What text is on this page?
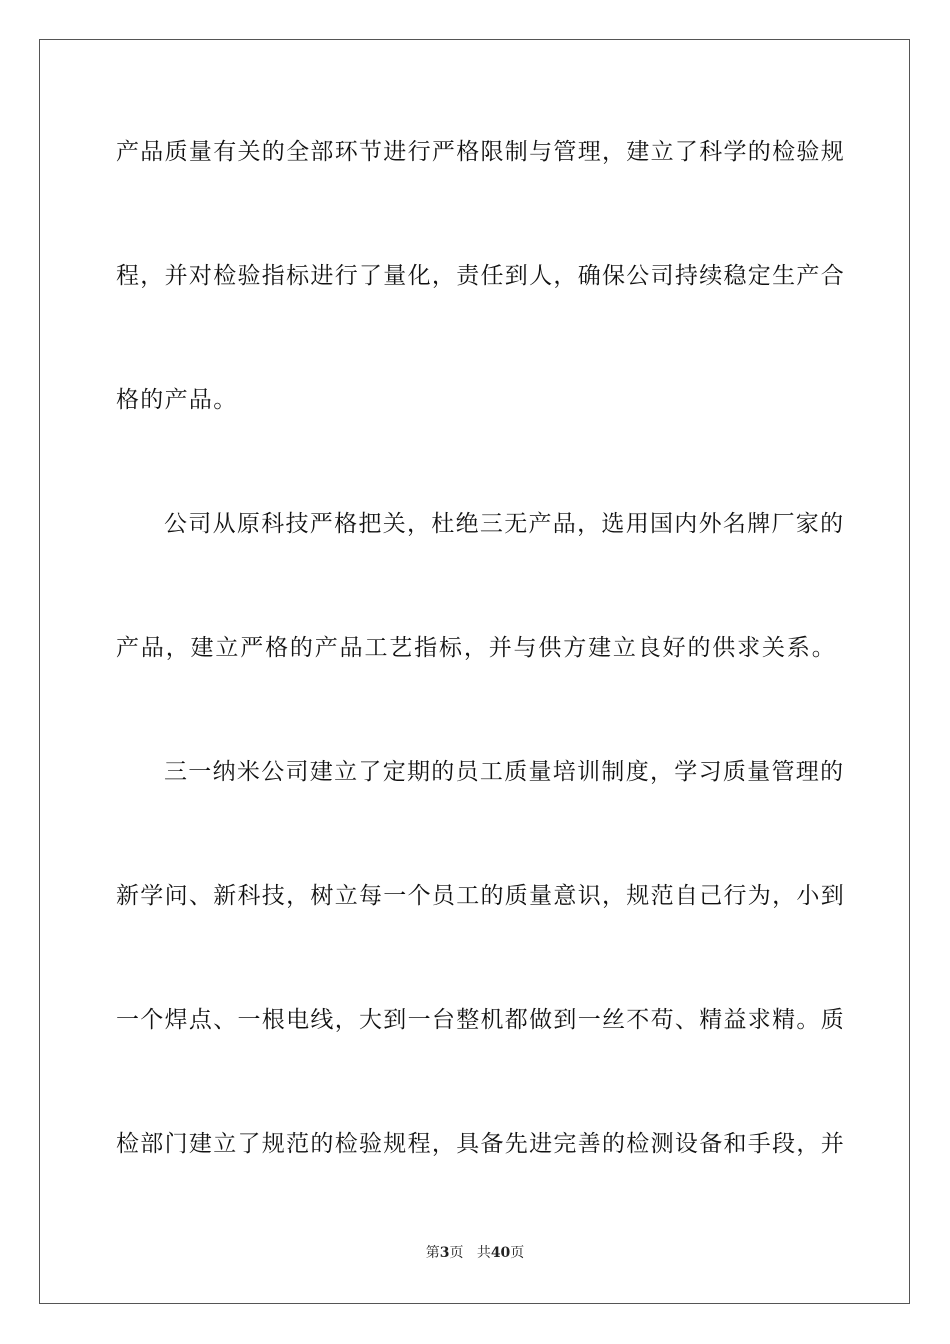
产品质量有关的全部环节进行严格限制与管理，建立了科学的检验规
程，并对检验指标进行了量化，责任到人，确保公司持续稳定生产合
格的产品。
公司从原科技严格把关，杜绝三无产品，选用国内外名牌厂家的
产品，建立严格的产品工艺指标，并与供方建立良好的供求关系。
三一纳米公司建立了定期的员工质量培训制度，学习质量管理的
新学问、新科技，树立每一个员工的质量意识，规范自己行为，小到
一个焊点、一根电线，大到一台整机都做到一丝不苟、精益求精。质
检部门建立了规范的检验规程，具备先进完善的检测设备和手段，并
第3页 共40页
